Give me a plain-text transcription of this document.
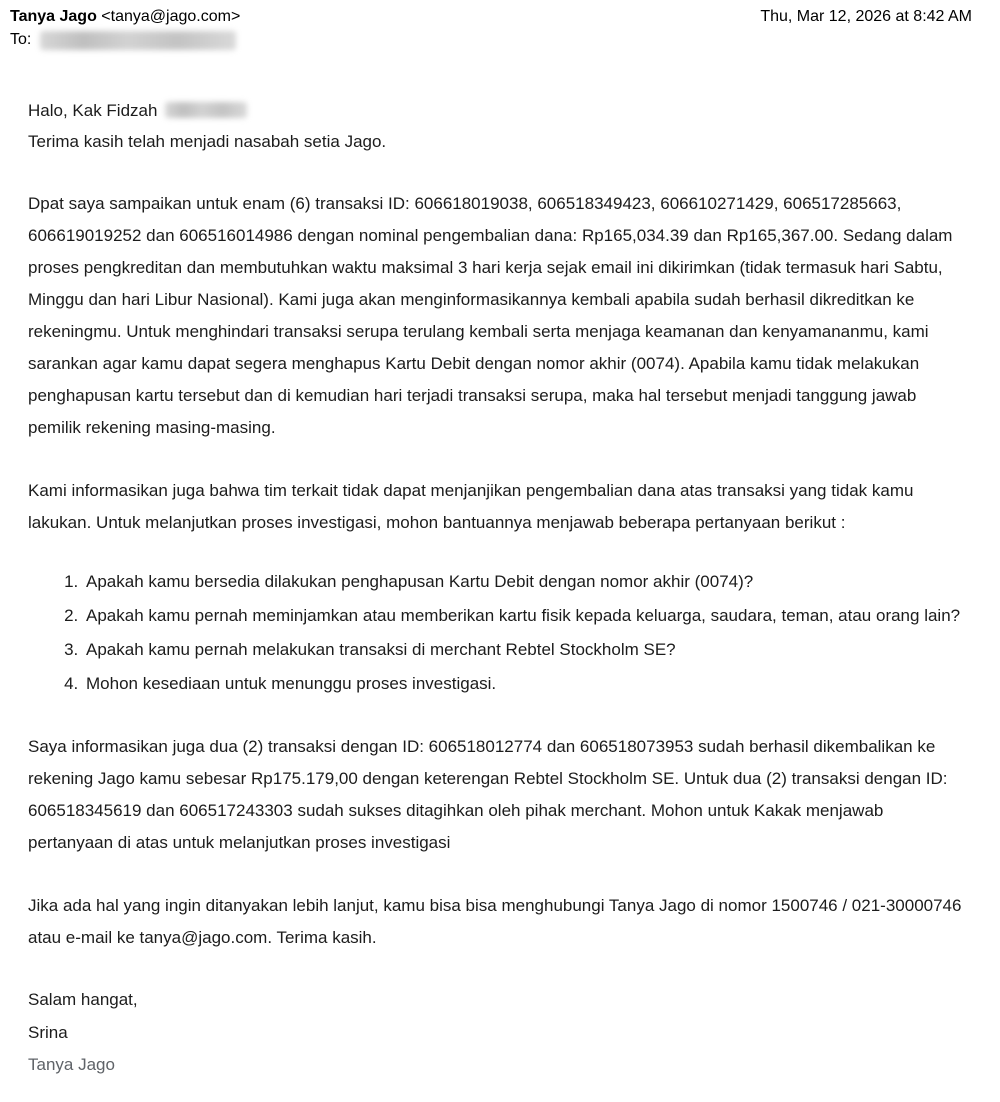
Tanya Jago <tanya@jago.com>	Thu, Mar 12, 2026 at 8:42 AM
To:
Halo, Kak Fidzah
Terima kasih telah menjadi nasabah setia Jago.

Dpat saya sampaikan untuk enam (6) transaksi ID: 606618019038, 606518349423, 606610271429, 606517285663, 606619019252 dan 606516014986 dengan nominal pengembalian dana: Rp165,034.39 dan Rp165,367.00. Sedang dalam proses pengkreditan dan membutuhkan waktu maksimal 3 hari kerja sejak email ini dikirimkan (tidak termasuk hari Sabtu, Minggu dan hari Libur Nasional). Kami juga akan menginformasikannya kembali apabila sudah berhasil dikreditkan ke rekeningmu. Untuk menghindari transaksi serupa terulang kembali serta menjaga keamanan dan kenyamananmu, kami sarankan agar kamu dapat segera menghapus Kartu Debit dengan nomor akhir (0074). Apabila kamu tidak melakukan penghapusan kartu tersebut dan di kemudian hari terjadi transaksi serupa, maka hal tersebut menjadi tanggung jawab pemilik rekening masing-masing.

Kami informasikan juga bahwa tim terkait tidak dapat menjanjikan pengembalian dana atas transaksi yang tidak kamu lakukan. Untuk melanjutkan proses investigasi, mohon bantuannya menjawab beberapa pertanyaan berikut :

1. Apakah kamu bersedia dilakukan penghapusan Kartu Debit dengan nomor akhir (0074)?
2. Apakah kamu pernah meminjamkan atau memberikan kartu fisik kepada keluarga, saudara, teman, atau orang lain?
3. Apakah kamu pernah melakukan transaksi di merchant Rebtel Stockholm SE?
4. Mohon kesediaan untuk menunggu proses investigasi.

Saya informasikan juga dua (2) transaksi dengan ID: 606518012774 dan 606518073953 sudah berhasil dikembalikan ke rekening Jago kamu sebesar Rp175.179,00 dengan keterengan Rebtel Stockholm SE. Untuk dua (2) transaksi dengan ID: 606518345619 dan 606517243303 sudah sukses ditagihkan oleh pihak merchant. Mohon untuk Kakak menjawab pertanyaan di atas untuk melanjutkan proses investigasi

Jika ada hal yang ingin ditanyakan lebih lanjut, kamu bisa bisa menghubungi Tanya Jago di nomor 1500746 / 021-30000746 atau e-mail ke tanya@jago.com. Terima kasih.

Salam hangat,
Srina
Tanya Jago
